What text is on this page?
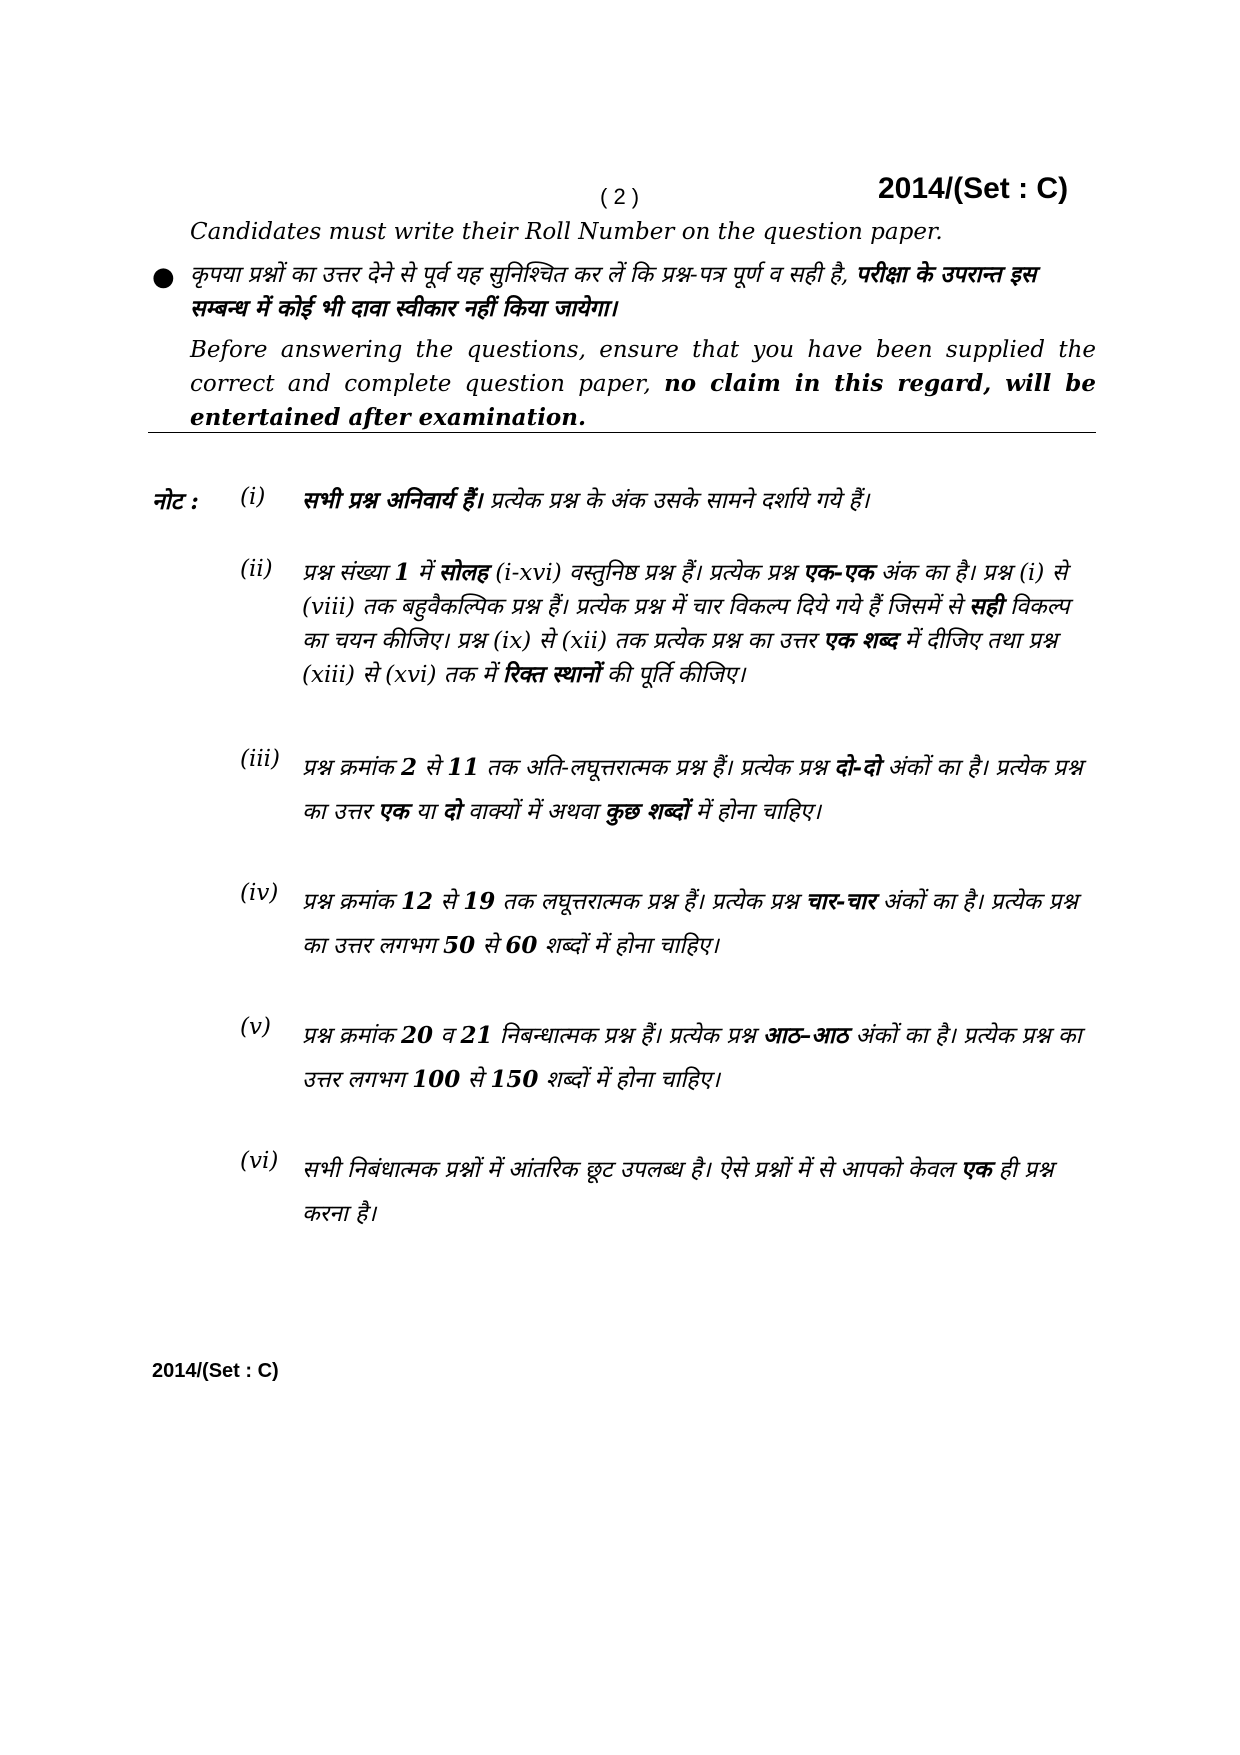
( 2 )	2014/(Set : C)
Candidates must write their Roll Number on the question paper.
● कृपया प्रश्नों का उत्तर देने से पूर्व यह सुनिश्चित कर लें कि प्रश्न-पत्र पूर्ण व सही है, परीक्षा के उपरान्त इस सम्बन्ध में कोई भी दावा स्वीकार नहीं किया जायेगा।
Before answering the questions, ensure that you have been supplied the correct and complete question paper, no claim in this regard, will be entertained after examination.
नोट : (i) सभी प्रश्न अनिवार्य हैं। प्रत्येक प्रश्न के अंक उसके सामने दर्शाये गये हैं।
(ii) प्रश्न संख्या 1 में सोलह (i-xvi) वस्तुनिष्ठ प्रश्न हैं। प्रत्येक प्रश्न एक-एक अंक का है। प्रश्न (i) से (viii) तक बहुवैकल्पिक प्रश्न हैं। प्रत्येक प्रश्न में चार विकल्प दिये गये हैं जिसमें से सही विकल्प का चयन कीजिए। प्रश्न (ix) से (xii) तक प्रत्येक प्रश्न का उत्तर एक शब्द में दीजिए तथा प्रश्न (xiii) से (xvi) तक में रिक्त स्थानों की पूर्ति कीजिए।
(iii) प्रश्न क्रमांक 2 से 11 तक अति-लघूत्तरात्मक प्रश्न हैं। प्रत्येक प्रश्न दो-दो अंकों का है। प्रत्येक प्रश्न का उत्तर एक या दो वाक्यों में अथवा कुछ शब्दों में होना चाहिए।
(iv) प्रश्न क्रमांक 12 से 19 तक लघूत्तरात्मक प्रश्न हैं। प्रत्येक प्रश्न चार-चार अंकों का है। प्रत्येक प्रश्न का उत्तर लगभग 50 से 60 शब्दों में होना चाहिए।
(v) प्रश्न क्रमांक 20 व 21 निबन्धात्मक प्रश्न हैं। प्रत्येक प्रश्न आठ–आठ अंकों का है। प्रत्येक प्रश्न का उत्तर लगभग 100 से 150 शब्दों में होना चाहिए।
(vi) सभी निबंधात्मक प्रश्नों में आंतरिक छूट उपलब्ध है। ऐसे प्रश्नों में से आपको केवल एक ही प्रश्न करना है।
2014/(Set : C)
